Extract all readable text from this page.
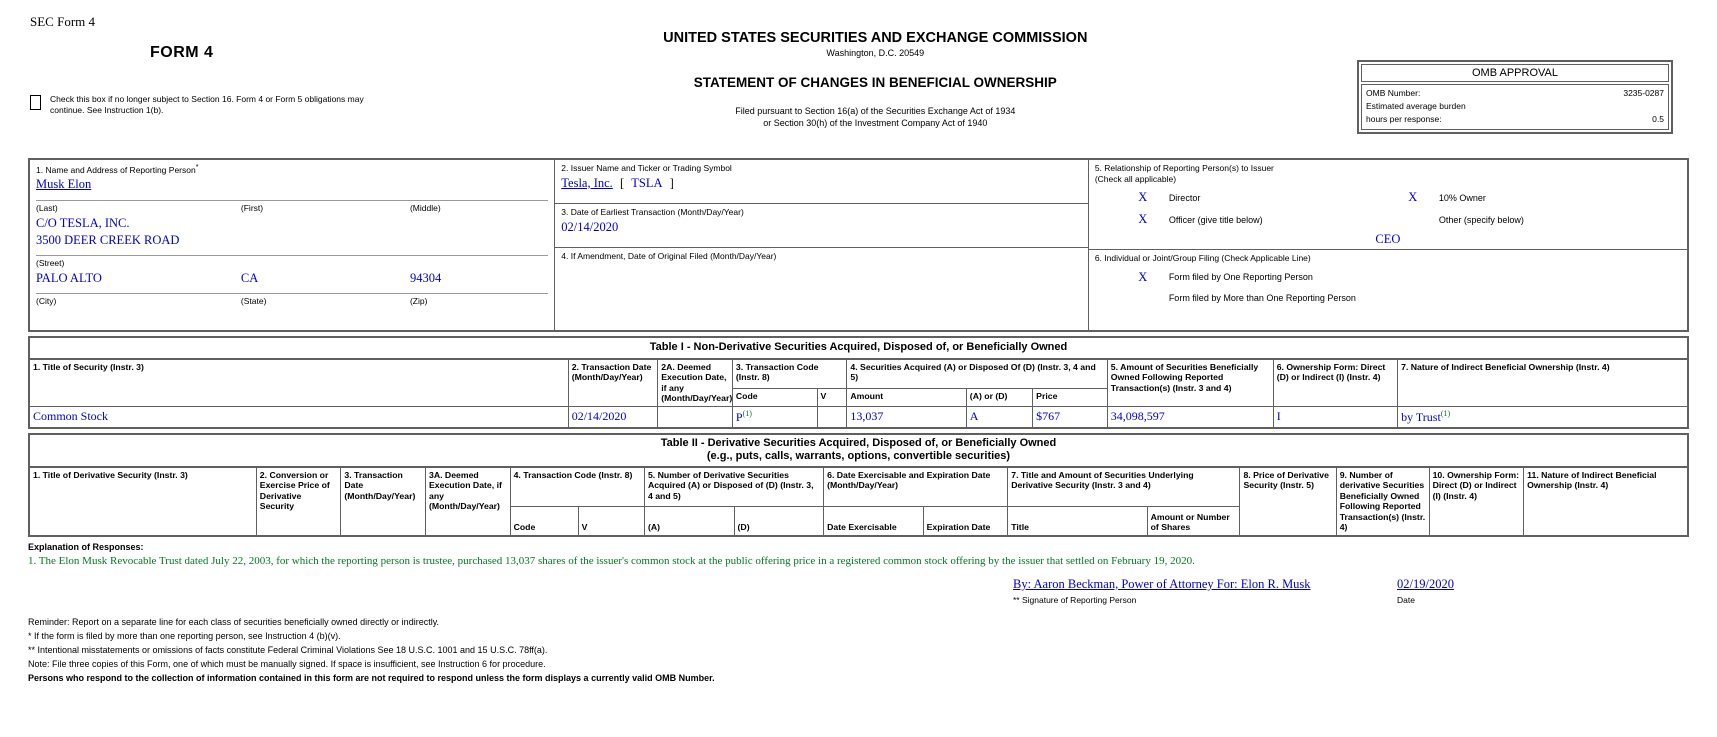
SEC Form 4
FORM 4
Check this box if no longer subject to Section 16. Form 4 or Form 5 obligations may continue. See Instruction 1(b).
UNITED STATES SECURITIES AND EXCHANGE COMMISSION
Washington, D.C. 20549
STATEMENT OF CHANGES IN BENEFICIAL OWNERSHIP
Filed pursuant to Section 16(a) of the Securities Exchange Act of 1934
or Section 30(h) of the Investment Company Act of 1940
OMB APPROVAL
OMB Number:	3235-0287
Estimated average burden
hours per response:	0.5
1. Name and Address of Reporting Person*
Musk Elon
(Last)	(First)	(Middle)
C/O TESLA, INC.
3500 DEER CREEK ROAD
(Street)
PALO ALTO	CA	94304
(City)	(State)	(Zip)
2. Issuer Name and Ticker or Trading Symbol
Tesla, Inc. [ TSLA ]
3. Date of Earliest Transaction (Month/Day/Year)
02/14/2020
4. If Amendment, Date of Original Filed (Month/Day/Year)
5. Relationship of Reporting Person(s) to Issuer
(Check all applicable)
X	Director	X	10% Owner
X	Officer (give title below)	Other (specify below)
CEO
6. Individual or Joint/Group Filing (Check Applicable Line)
X	Form filed by One Reporting Person
Form filed by More than One Reporting Person
Table I - Non-Derivative Securities Acquired, Disposed of, or Beneficially Owned
1. Title of Security (Instr. 3)	2. Transaction Date (Month/Day/Year)	2A. Deemed Execution Date, if any (Month/Day/Year)	3. Transaction Code (Instr. 8)		4. Securities Acquired (A) or Disposed Of (D) (Instr. 3, 4 and 5)			5. Amount of Securities Beneficially Owned Following Reported Transaction(s) (Instr. 3 and 4)	6. Ownership Form: Direct (D) or Indirect (I) (Instr. 4)	7. Nature of Indirect Beneficial Ownership (Instr. 4)
			Code	V	Amount	(A) or (D)	Price			
Common Stock	02/14/2020		P$^{(1)}$		13,037	A	$767	34,098,597	I	by Trust$^{(1)}$
Table II - Derivative Securities Acquired, Disposed of, or Beneficially Owned
(e.g., puts, calls, warrants, options, convertible securities)
1. Title of Derivative Security (Instr. 3)	2. Conversion or Exercise Price of Derivative Security	3. Transaction Date (Month/Day/Year)	3A. Deemed Execution Date, if any (Month/Day/Year)	4. Transaction Code (Instr. 8)		5. Number of Derivative Securities Acquired (A) or Disposed of (D) (Instr. 3, 4 and 5)		6. Date Exercisable and Expiration Date (Month/Day/Year)		7. Title and Amount of Securities Underlying Derivative Security (Instr. 3 and 4)		8. Price of Derivative Security (Instr. 5)	9. Number of derivative Securities Beneficially Owned Following Reported Transaction(s) (Instr. 4)	10. Ownership Form: Direct (D) or Indirect (I) (Instr. 4)	11. Nature of Indirect Beneficial Ownership (Instr. 4)
				Code	V	(A)	(D)	Date Exercisable	Expiration Date	Title	Amount or Number of Shares				
Explanation of Responses:
1. The Elon Musk Revocable Trust dated July 22, 2003, for which the reporting person is trustee, purchased 13,037 shares of the issuer's common stock at the public offering price in a registered common stock offering by the issuer that settled on February 19, 2020.
By: Aaron Beckman, Power of Attorney For: Elon R. Musk	02/19/2020
** Signature of Reporting Person	Date
Reminder: Report on a separate line for each class of securities beneficially owned directly or indirectly.
* If the form is filed by more than one reporting person, see Instruction 4 (b)(v).
** Intentional misstatements or omissions of facts constitute Federal Criminal Violations See 18 U.S.C. 1001 and 15 U.S.C. 78ff(a).
Note: File three copies of this Form, one of which must be manually signed. If space is insufficient, see Instruction 6 for procedure.
Persons who respond to the collection of information contained in this form are not required to respond unless the form displays a currently valid OMB Number.
